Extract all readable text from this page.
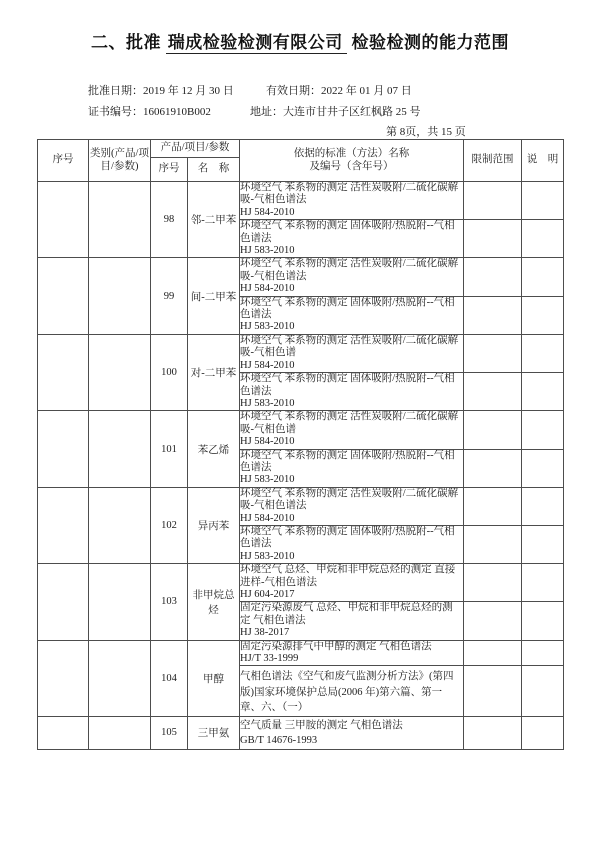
二、批准 瑞成检验检测有限公司 检验检测的能力范围
批准日期：2019 年 12 月 30 日	有效日期：2022 年 01 月 07 日
证书编号：16061910B002	地址：大连市甘井子区红枫路 25 号
第 8页，共 15 页
序号	类别(产品/项目/参数)	产品/项目/参数		依据的标准（方法）名称
及编号（含年号）	限制范围	说　明
		序号	名　称			
		98	邻-二甲苯	环境空气 苯系物的测定 活性炭吸附/二硫化碳解吸-气相色谱法
HJ 584-2010		

				环境空气 苯系物的测定 固体吸附/热脱附--气相色谱法
HJ 583-2010		

		99	间-二甲苯	环境空气 苯系物的测定 活性炭吸附/二硫化碳解吸-气相色谱法
HJ 584-2010		

				环境空气 苯系物的测定 固体吸附/热脱附--气相色谱法
HJ 583-2010		

		100	对-二甲苯	环境空气 苯系物的测定 活性炭吸附/二硫化碳解吸-气相色谱
HJ 584-2010		

				环境空气 苯系物的测定 固体吸附/热脱附--气相色谱法
HJ 583-2010		

		101	苯乙烯	环境空气 苯系物的测定 活性炭吸附/二硫化碳解吸-气相色谱
HJ 584-2010		

				环境空气 苯系物的测定 固体吸附/热脱附--气相色谱法
HJ 583-2010		

		102	异丙苯	环境空气 苯系物的测定 活性炭吸附/二硫化碳解吸-气相色谱法
HJ 584-2010		

				环境空气 苯系物的测定 固体吸附/热脱附--气相色谱法
HJ 583-2010		

		103	非甲烷总烃	环境空气 总烃、甲烷和非甲烷总烃的测定 直接进样-气相色谱法
HJ 604-2017		

				固定污染源废气 总烃、甲烷和非甲烷总烃的测定 气相色谱法
HJ 38-2017		

		104	甲醇	固定污染源排气中甲醇的测定 气相色谱法
HJ/T 33-1999		

				气相色谱法《空气和废气监测分析方法》(第四版)国家环境保护总局(2006 年)第六篇、第一章、六、（一）		

		105	三甲氨	空气质量 三甲胺的测定 气相色谱法
GB/T 14676-1993		
